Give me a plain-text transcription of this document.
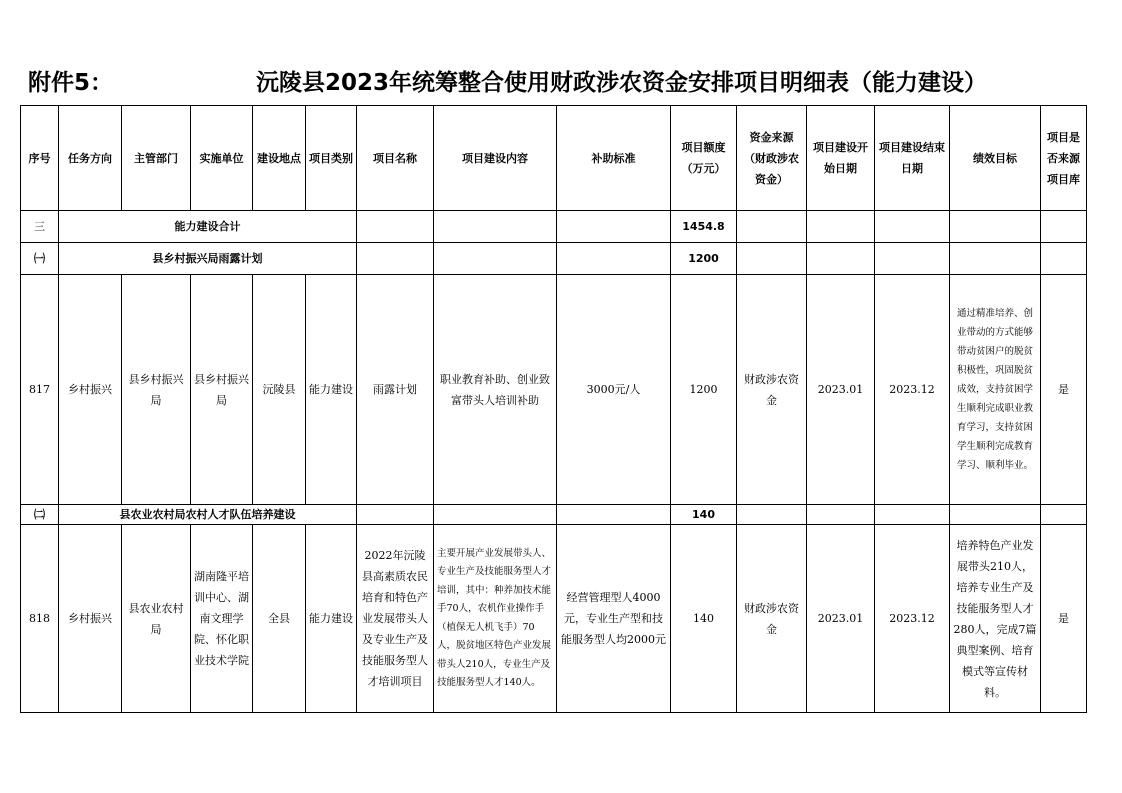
附件5：	沅陵县2023年统筹整合使用财政涉农资金安排项目明细表（能力建设）
序号	任务方向	主管部门	实施单位	建设地点	项目类别	项目名称	项目建设内容	补助标准	项目额度（万元）	资金来源（财政涉农资金）	项目建设开始日期	项目建设结束日期	绩效目标	项目是否来源项目库
三	能力建设合计								1454.8					
㈠	县乡村振兴局雨露计划								1200					
817	乡村振兴	县乡村振兴局	县乡村振兴局	沅陵县	能力建设	雨露计划	职业教育补助、创业致富带头人培训补助	3000元/人	1200	财政涉农资金	2023.01	2023.12	通过精准培养、创业带动的方式能够带动贫困户的脱贫积极性，巩固脱贫成效，支持贫困学生顺利完成职业教育学习，支持贫困学生顺利完成教育学习、顺利毕业。	是
㈡	县农业农村局农村人才队伍培养建设								140					
818	乡村振兴	县农业农村局	湖南隆平培训中心、湖南文理学院、怀化职业技术学院	全县	能力建设	2022年沅陵县高素质农民培育和特色产业发展带头人及专业生产及技能服务型人才培训项目	主要开展产业发展带头人、专业生产及技能服务型人才培训，其中：种养加技术能手70人，农机作业操作手（植保无人机飞手）70人，脱贫地区特色产业发展带头人210人，专业生产及技能服务型人才140人。	经营管理型人4000元，专业生产型和技能服务型人均2000元	140	财政涉农资金	2023.01	2023.12	培养特色产业发展带头210人，培养专业生产及技能服务型人才280人，完成7篇典型案例、培育模式等宣传材料。	是
